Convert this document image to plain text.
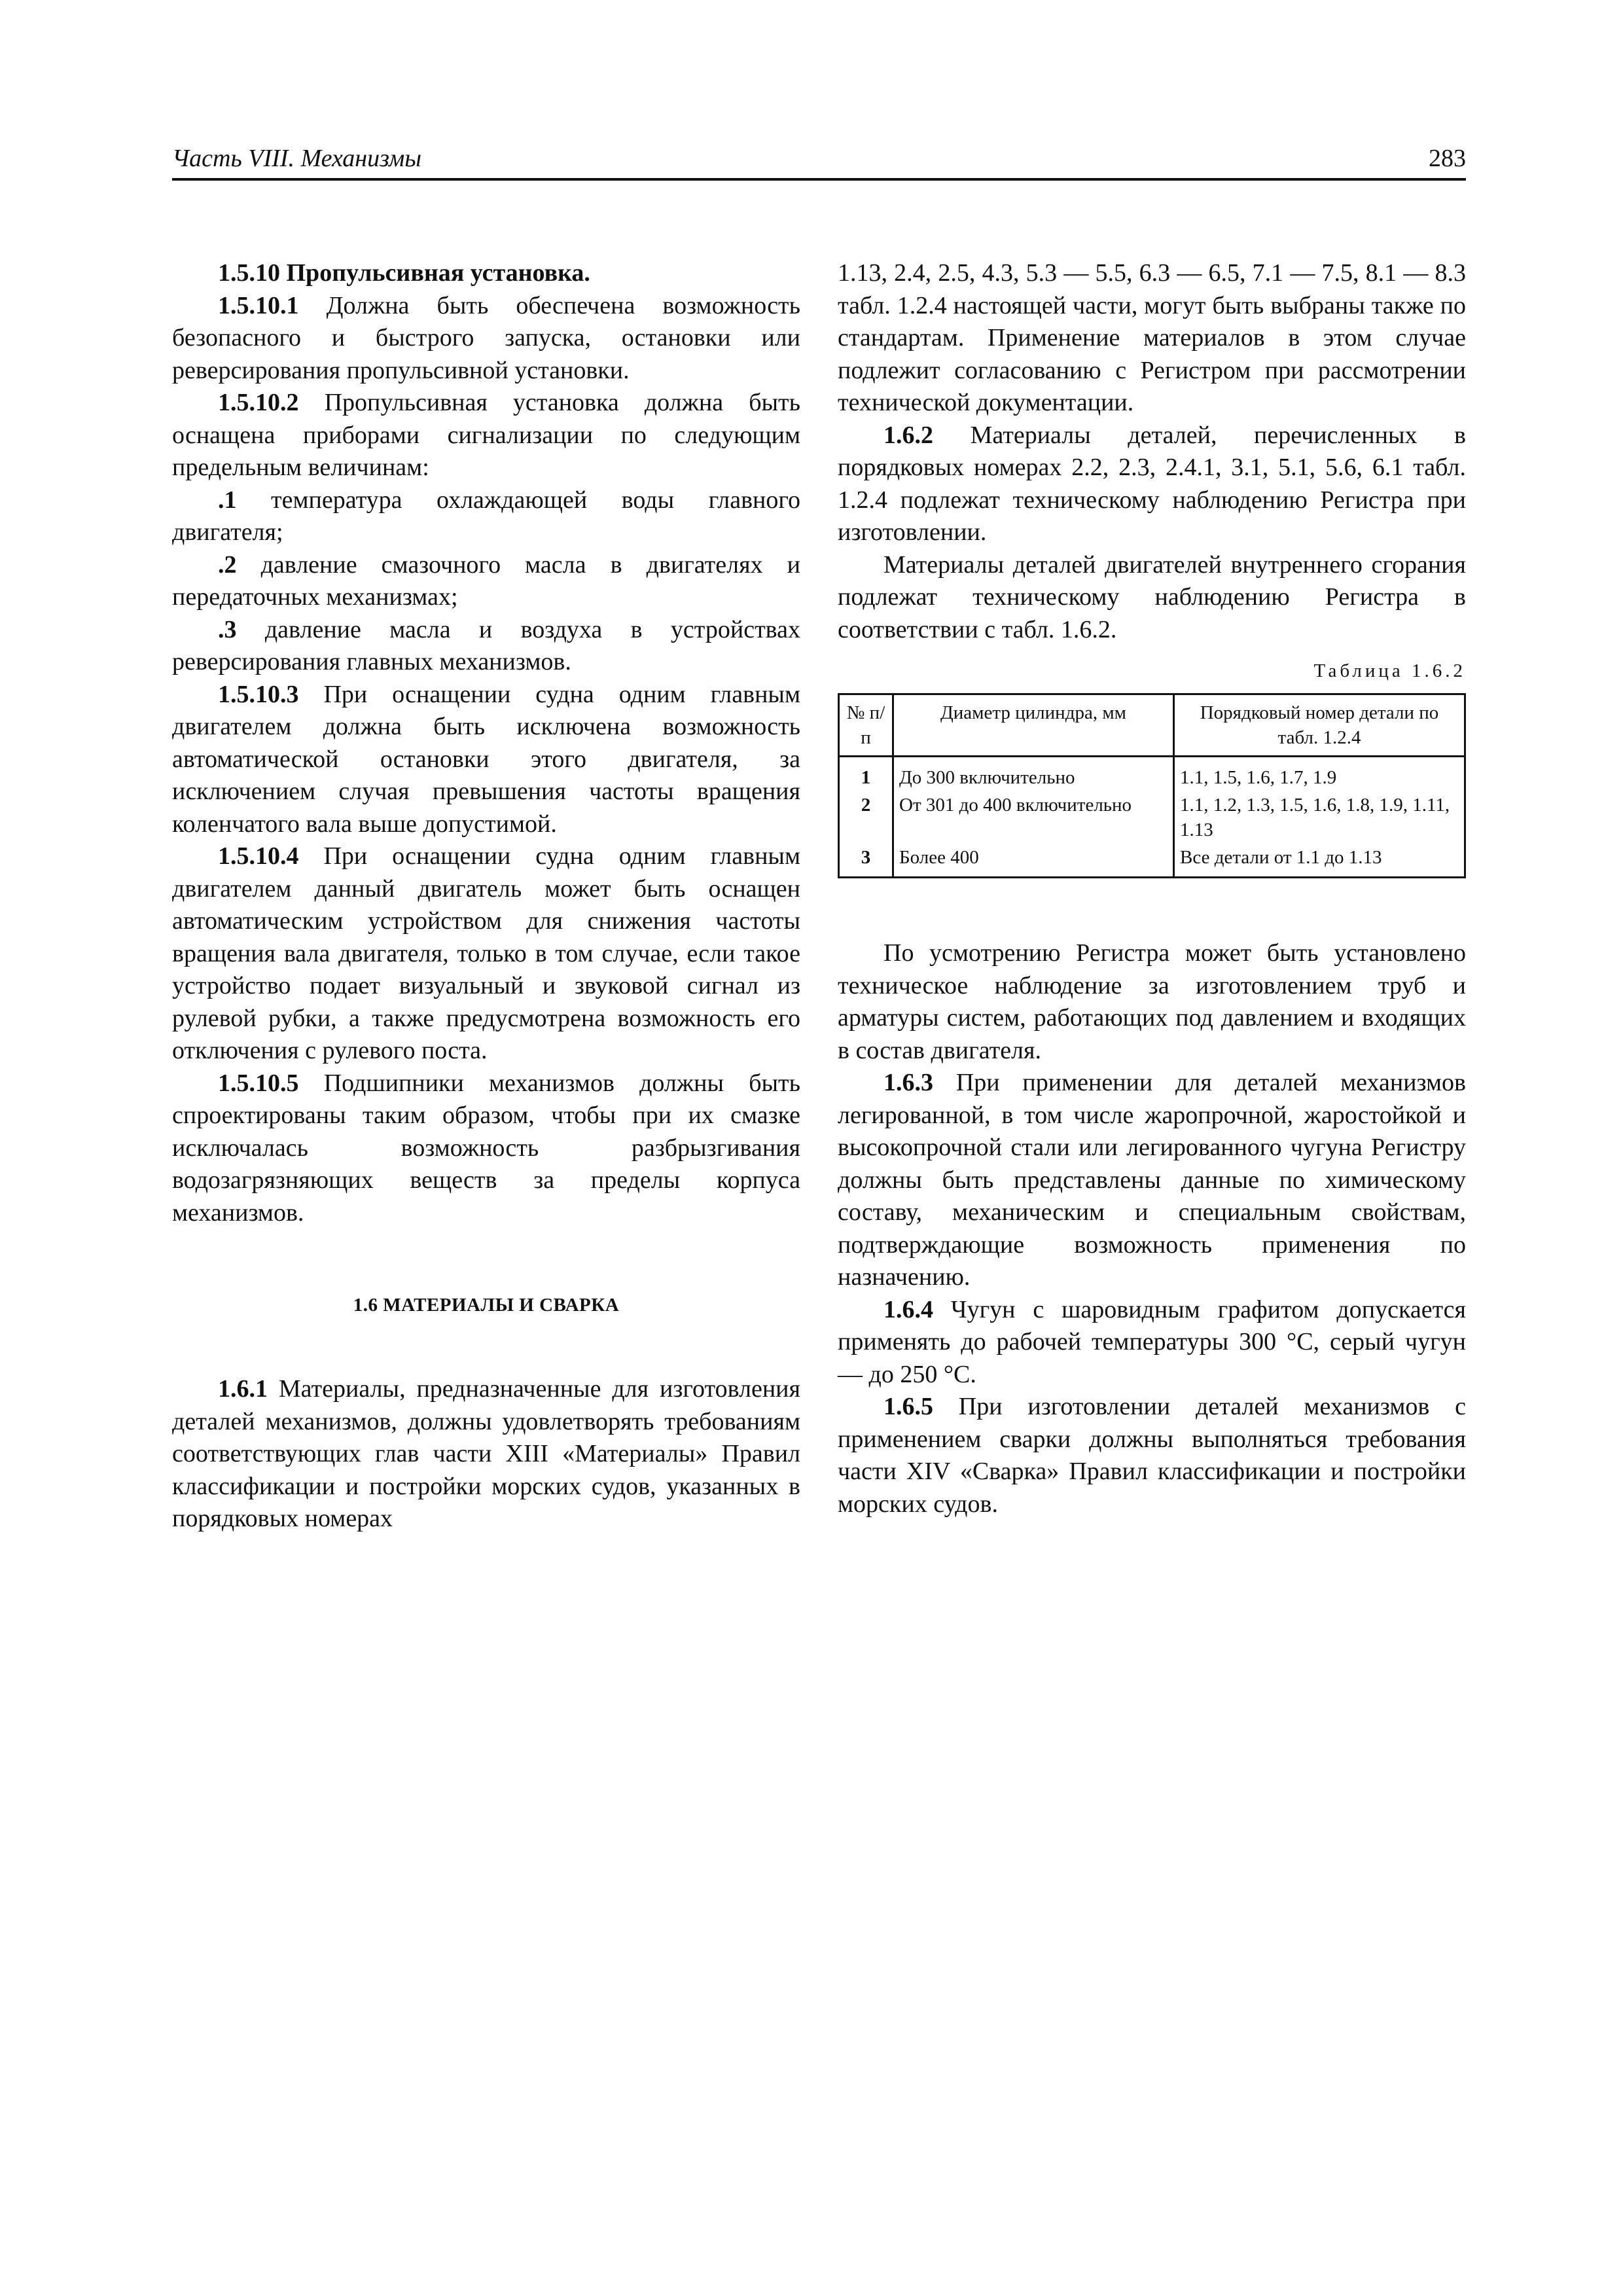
Часть VIII. Механизмы	283

1.5.10 Пропульсивная установка.

1.5.10.1 Должна быть обеспечена возможность безопасного и быстрого запуска, остановки или реверсирования пропульсивной установки.

1.5.10.2 Пропульсивная установка должна быть оснащена приборами сигнализации по следующим предельным величинам:

.1 температура охлаждающей воды главного двигателя;

.2 давление смазочного масла в двигателях и передаточных механизмах;

.3 давление масла и воздуха в устройствах реверсирования главных механизмов.

1.5.10.3 При оснащении судна одним главным двигателем должна быть исключена возможность автоматической остановки этого двигателя, за исключением случая превышения частоты вращения коленчатого вала выше допустимой.

1.5.10.4 При оснащении судна одним главным двигателем данный двигатель может быть оснащен автоматическим устройством для снижения частоты вращения вала двигателя, только в том случае, если такое устройство подает визуальный и звуковой сигнал из рулевой рубки, а также предусмотрена возможность его отключения с рулевого поста.

1.5.10.5 Подшипники механизмов должны быть спроектированы таким образом, чтобы при их смазке исключалась возможность разбрызгивания водозагрязняющих веществ за пределы корпуса механизмов.

1.6 МАТЕРИАЛЫ И СВАРКА

1.6.1 Материалы, предназначенные для изготовления деталей механизмов, должны удовлетворять требованиям соответствующих глав части XIII «Материалы» Правил классификации и постройки морских судов, указанных в порядковых номерах

1.13, 2.4, 2.5, 4.3, 5.3 — 5.5, 6.3 — 6.5, 7.1 — 7.5, 8.1 — 8.3 табл. 1.2.4 настоящей части, могут быть выбраны также по стандартам. Применение материалов в этом случае подлежит согласованию с Регистром при рассмотрении технической документации.

1.6.2 Материалы деталей, перечисленных в порядковых номерах 2.2, 2.3, 2.4.1, 3.1, 5.1, 5.6, 6.1 табл. 1.2.4 подлежат техническому наблюдению Регистра при изготовлении.

Материалы деталей двигателей внутреннего сгорания подлежат техническому наблюдению Регистра в соответствии с табл. 1.6.2.

Таблица 1.6.2
№ п/п	Диаметр цилиндра, мм	Порядковый номер детали по табл. 1.2.4
1	До 300 включительно	1.1, 1.5, 1.6, 1.7, 1.9
2	От 301 до 400 включительно	1.1, 1.2, 1.3, 1.5, 1.6, 1.8, 1.9, 1.11, 1.13
3	Более 400	Все детали от 1.1 до 1.13

По усмотрению Регистра может быть установлено техническое наблюдение за изготовлением труб и арматуры систем, работающих под давлением и входящих в состав двигателя.

1.6.3 При применении для деталей механизмов легированной, в том числе жаропрочной, жаростойкой и высокопрочной стали или легированного чугуна Регистру должны быть представлены данные по химическому составу, механическим и специальным свойствам, подтверждающие возможность применения по назначению.

1.6.4 Чугун с шаровидным графитом допускается применять до рабочей температуры 300 °С, серый чугун — до 250 °С.

1.6.5 При изготовлении деталей механизмов с применением сварки должны выполняться требования части XIV «Сварка» Правил классификации и постройки морских судов.
